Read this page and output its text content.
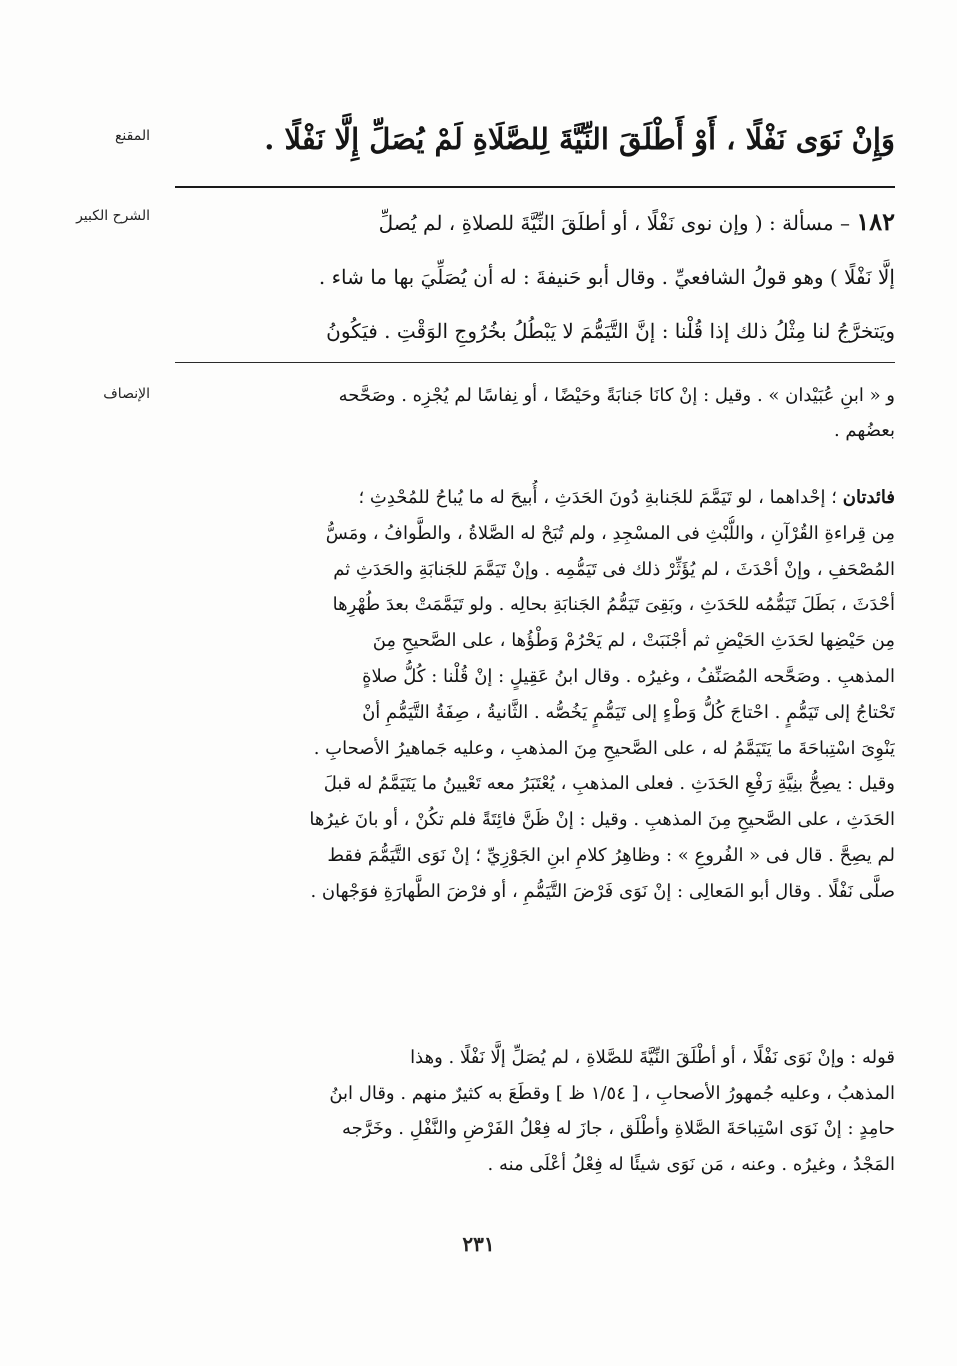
المقنع
الشرح الكبير
الإنصاف
وَإِنْ نَوَى نَفْلًا ، أَوْ أَطْلَقَ النِّيَّةَ لِلصَّلَاةِ لَمْ يُصَلِّ إِلَّا نَفْلًا .
١٨٢ – مسألة : ( وإن نوى نَفْلًا ، أو أطلَقَ النِّيَّةَ للصلاةِ ، لم يُصلِّ
إلَّا نَفْلًا ) وهو قولُ الشافعيِّ . وقال أبو حَنيفةَ : له أن يُصَلِّيَ بها ما شاء .
ويَتخرَّجُ لنا مِثْلُ ذلك إذا قُلْنا : إنَّ التَّيَمُّمَ لا يَبْطُلُ بخُرُوجِ الوَقْتِ . فيَكُونُ
و « ابنِ عُبَيْدان » . وقيل : إنْ كانَا جَنابَةً وحَيْضًا ، أو نِفاسًا لم يُجْزِه . وصَحَّحه
بعضُهم .
فائدتان ؛ إحْداهما ، لو تَيَمَّمَ للجَنابةِ دُونَ الحَدَثِ ، أُبيحَ له ما يُباحُ للمُحْدِثِ ؛
مِن قِراءةِ القُرْآنِ ، واللُّبْثِ فى المسْجِدِ ، ولم تُبَحْ له الصَّلاةُ ، والطَّوافُ ، ومَسُّ
المُصْحَفِ ، وإنْ أحْدَثَ ، لم يُؤَثِّرْ ذلك فى تَيَمُّمِه . وإنْ تَيَمَّمَ للجَنابَةِ والحَدَثِ ثم
أحْدَثَ ، بَطَلَ تَيَمُّمُه للحَدَثِ ، وبَقِىَ تَيَمُّمُ الجَنابَةِ بحالِه . ولو تَيَمَّمَتْ بعدَ طُهْرِها
مِن حَيْضِها لحَدَثِ الحَيْضِ ثم أجْنَبَتْ ، لم يَحْرُمْ وَطْؤُها ، على الصَّحيحِ مِنَ
المذهبِ . وصَحَّحه المُصَنِّفُ ، وغيرُه . وقال ابنُ عَقِيلٍ : إنْ قُلْنا : كُلُّ صلاةٍ
تَحْتاجُ إلى تَيَمُّمٍ . احْتاجَ كُلُّ وَطْءٍ إلى تَيَمُّمٍ يَخُصُّه . الثَّانيةُ ، صِفَةُ التَّيَمُّمِ أنْ
يَنْوِىَ اسْتِباحَةَ ما يَتَيَمَّمُ له ، على الصَّحيحِ مِنَ المذهبِ ، وعليه جَماهيرُ الأصحابِ .
وقيل : يصِحُّ بنِيَّةِ رَفْعِ الحَدَثِ . فعلى المذهبِ ، يُعْتَبَرُ معه تَعْيينُ ما يَتَيَمَّمُ له قبلَ
الحَدَثِ ، على الصَّحيحِ مِنَ المذهبِ . وقيل : إنْ ظَنَّ فائِتَةً فلم تكُنْ ، أو بانَ غيرُها
لم يصِحَّ . قال فى « الفُروعِ » : وظاهِرُ كلامِ ابنِ الجَوْزِيِّ ؛ إنْ نَوَى التَّيَمُّمَ فقط
صلَّى نَفْلًا . وقال أبو المَعالِى : إنْ نَوَى فَرْضَ التَّيَمُّمِ ، أو فرْضَ الطَّهارَةِ فوَجْهان .
قوله : وإنْ نَوَى نَفْلًا ، أو أطْلَقَ النِّيَّةَ للصَّلاةِ ، لم يُصَلِّ إلَّا نَفْلًا . وهذا
المذهبُ ، وعليه جُمهورُ الأصحابِ ، [ ١/٥٤ ظ ] وقطَعَ به كثيرٌ منهم . وقال ابنُ
حامِدٍ : إنْ نَوَى اسْتِباحَةَ الصَّلاةِ وأطْلَق ، جازَ له فِعْلُ الفَرْضِ والنَّفْلِ . وخَرَّجه
المَجْدُ ، وغيرُه . وعنه ، مَن نَوَى شيئًا له فِعْلُ أعْلَى منه .
٢٣١
